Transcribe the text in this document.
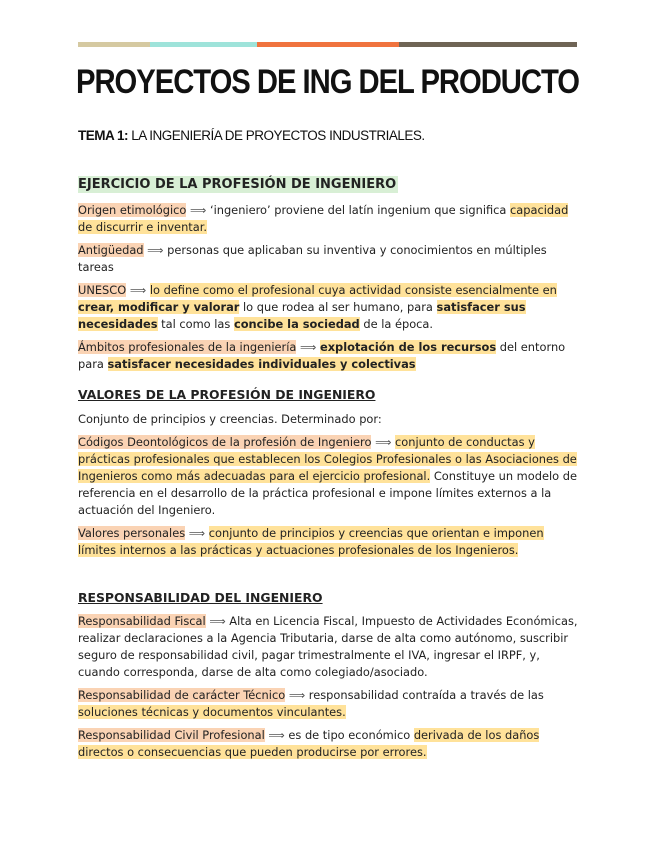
PROYECTOS DE ING DEL PRODUCTO
TEMA 1: LA INGENIERÍA DE PROYECTOS INDUSTRIALES.
EJERCICIO DE LA PROFESIÓN DE INGENIERO

Origen etimológico ⟹ ‘ingeniero’ proviene del latín ingenium que significa capacidad de discurrir e inventar.

Antigüedad ⟹ personas que aplicaban su inventiva y conocimientos en múltiples tareas

UNESCO ⟹ lo define como el profesional cuya actividad consiste esencialmente en crear, modificar y valorar lo que rodea al ser humano, para satisfacer sus necesidades tal como las concibe la sociedad de la época.

Ámbitos profesionales de la ingeniería ⟹ explotación de los recursos del entorno para satisfacer necesidades individuales y colectivas

VALORES DE LA PROFESIÓN DE INGENIERO

Conjunto de principios y creencias. Determinado por:

Códigos Deontológicos de la profesión de Ingeniero ⟹ conjunto de conductas y prácticas profesionales que establecen los Colegios Profesionales o las Asociaciones de Ingenieros como más adecuadas para el ejercicio profesional. Constituye un modelo de referencia en el desarrollo de la práctica profesional e impone límites externos a la actuación del Ingeniero.

Valores personales ⟹ conjunto de principios y creencias que orientan e imponen límites internos a las prácticas y actuaciones profesionales de los Ingenieros.

RESPONSABILIDAD DEL INGENIERO

Responsabilidad Fiscal ⟹ Alta en Licencia Fiscal, Impuesto de Actividades Económicas, realizar declaraciones a la Agencia Tributaria, darse de alta como autónomo, suscribir seguro de responsabilidad civil, pagar trimestralmente el IVA, ingresar el IRPF, y, cuando corresponda, darse de alta como colegiado/asociado.

Responsabilidad de carácter Técnico ⟹ responsabilidad contraída a través de las soluciones técnicas y documentos vinculantes.

Responsabilidad Civil Profesional ⟹ es de tipo económico derivada de los daños directos o consecuencias que pueden producirse por errores.
